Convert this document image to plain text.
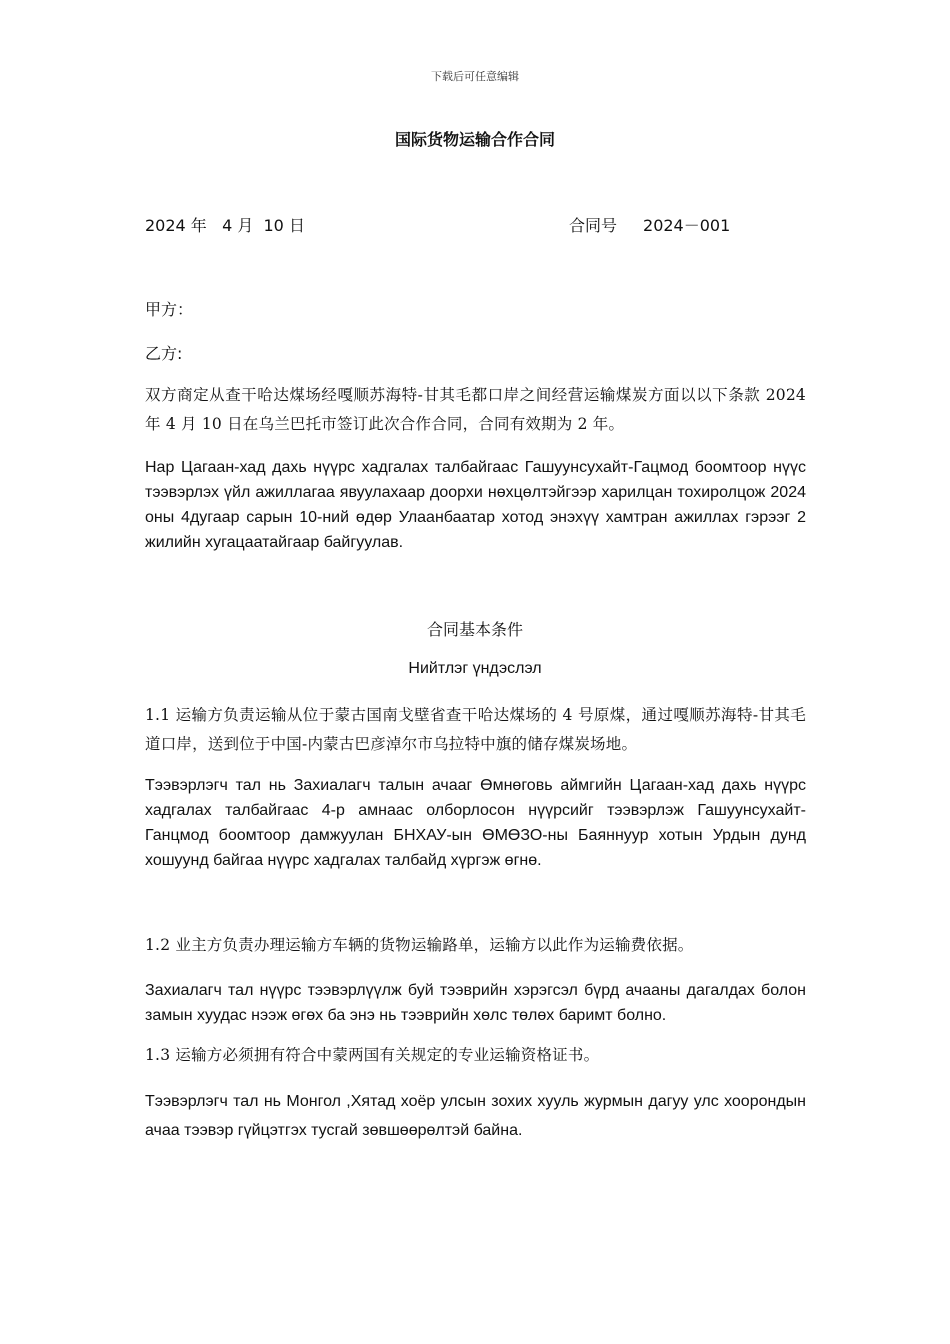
下载后可任意编辑

国际货物运输合作合同

2024 年   4 月  10 日	合同号 2024－001

甲方：

乙方:

双方商定从查干哈达煤场经嘎顺苏海特-甘其毛都口岸之间经营运输煤炭方面以以下条款 2024 年 4 月 10 日在乌兰巴托市签订此次合作合同，合同有效期为 2 年。

Нар Цагаан-хад дахь нүүрс хадгалах талбайгаас Гашуунсухайт-Гацмод боомтоор нүүс тээвэрлэх үйл ажиллагаа явуулахаар доорхи нөхцөлтэйгээр харилцан тохиролцож 2024 оны 4дугаар сарын 10-ний өдөр Улаанбаатар хотод энэхүү хамтран ажиллах гэрээг 2 жилийн хугацаатайгаар байгуулав.

合同基本条件

Нийтлэг үндэслэл

1.1 运输方负责运输从位于蒙古国南戈壁省查干哈达煤场的 4 号原煤，通过嘎顺苏海特-甘其毛道口岸，送到位于中国-内蒙古巴彦淖尔市乌拉特中旗的储存煤炭场地。

Тээвэрлэгч тал нь Захиалагч талын ачааг Өмнөговь аймгийн Цагаан-хад дахь нүүрс хадгалах талбайгаас 4-р амнаас олборлосон нүүрсийг тээвэрлэж Гашуунсухайт-Ганцмод боомтоор дамжуулан БНХАУ-ын ӨМӨЗО-ны Баяннуур хотын Урдын дунд хошуунд байгаа нүүрс хадгалах талбайд хүргэж өгнө.

1.2 业主方负责办理运输方车辆的货物运输路单，运输方以此作为运输费依据。

Захиалагч тал нүүрс тээвэрлүүлж буй тээврийн хэрэгсэл бүрд ачааны дагалдах болон замын хуудас нээж өгөх ба энэ нь тээврийн хөлс төлөх баримт болно.

1.3 运输方必须拥有符合中蒙两国有关规定的专业运输资格证书。

Тээвэрлэгч тал нь Монгол ,Хятад хоёр улсын зохих хууль журмын дагуу улс хоорондын ачаа тээвэр гүйцэтгэх тусгай зөвшөөрөлтэй байна.
